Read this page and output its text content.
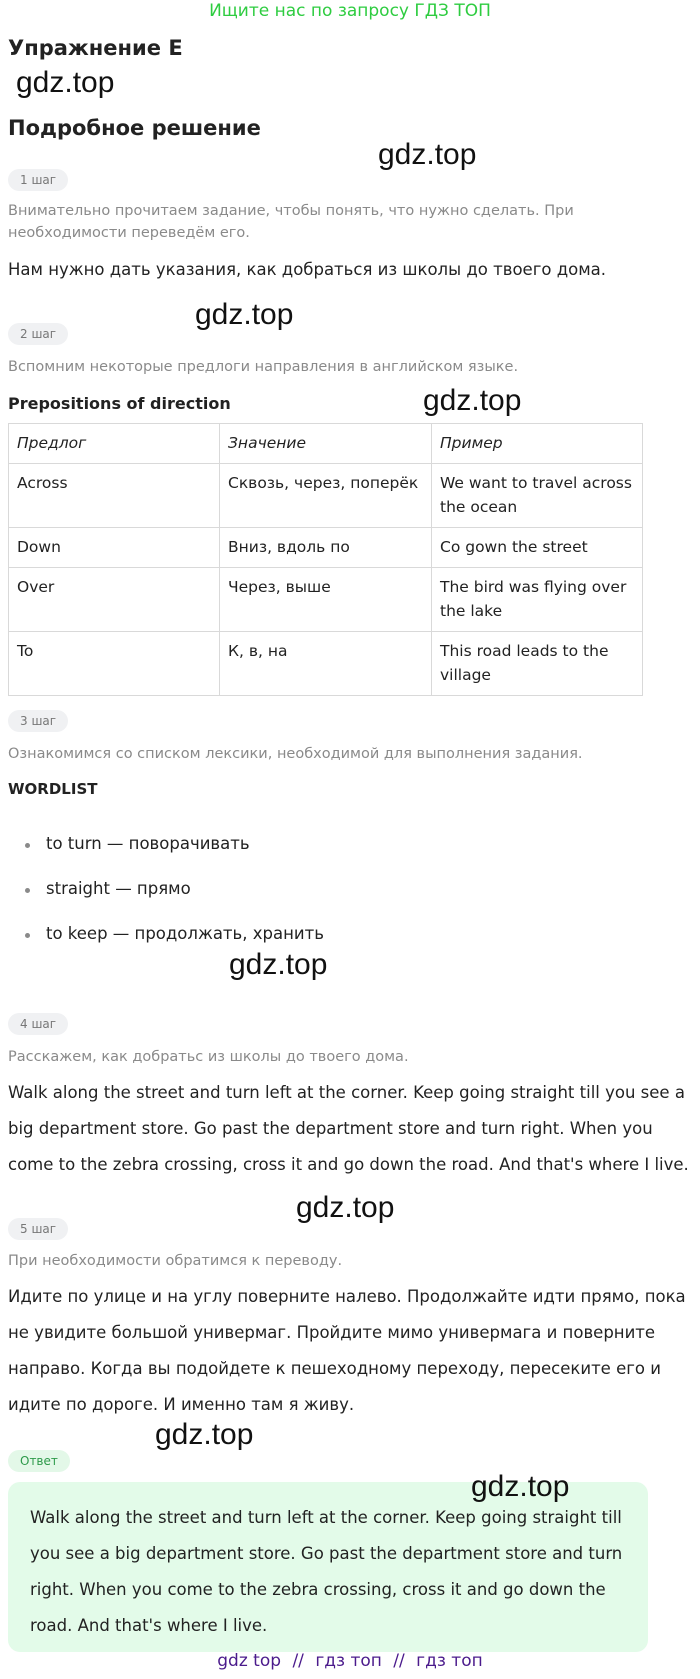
Ищите нас по запросу ГДЗ ТОП
Упражнение E
gdz.top
Подробное решение
1 шаг
gdz.top
Внимательно прочитаем задание, чтобы понять, что нужно сделать. При необходимости переведём его.
Нам нужно дать указания, как добраться из школы до твоего дома.
2 шаг
gdz.top
Вспомним некоторые предлоги направления в английском языке.
Prepositions of direction	gdz.top
Предлог	Значение	Пример
Across	Сквозь, через, поперёк	We want to travel across the ocean
Down	Вниз, вдоль по	Co gown the street
Over	Через, выше	The bird was flying over the lake
To	К, в, на	This road leads to the village
3 шаг
Ознакомимся со списком лексики, необходимой для выполнения задания.
WORDLIST
to turn — поворачивать
straight — прямо
to keep — продолжать, хранить
gdz.top
4 шаг
Расскажем, как добратьс из школы до твоего дома.
Walk along the street and turn left at the corner. Keep going straight till you see a big department store. Go past the department store and turn right. When you come to the zebra crossing, cross it and go down the road. And that's where I live.
5 шаг
gdz.top
При необходимости обратимся к переводу.
Идите по улице и на углу поверните налево. Продолжайте идти прямо, пока не увидите большой универмаг. Пройдите мимо универмага и поверните направо. Когда вы подойдете к пешеходному переходу, пересеките его и идите по дороге. И именно там я живу.
gdz.top
Ответ
Walk along the street and turn left at the corner. Keep going straight till you see a big department store. Go past the department store and turn right. When you come to the zebra crossing, cross it and go down the road. And that's where I live.
gdz.top
gdz top // гдз топ // гдз топ
